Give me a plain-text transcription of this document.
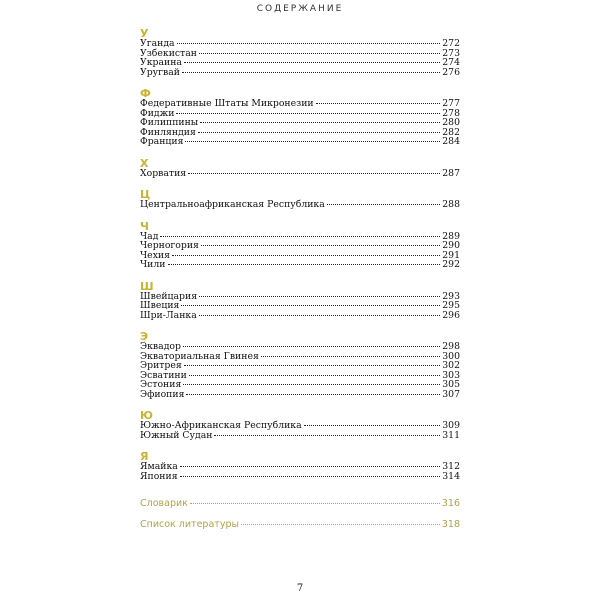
СОДЕРЖАНИЕ
У
Уганда	272
Узбекистан	273
Украина	274
Уругвай	276
Ф
Федеративные Штаты Микронезии	277
Фиджи	278
Филиппины	280
Финляндия	282
Франция	284
Х
Хорватия	287
Ц
Центральноафриканская Республика	288
Ч
Чад	289
Черногория	290
Чехия	291
Чили	292
Ш
Швейцария	293
Швеция	295
Шри-Ланка	296
Э
Эквадор	298
Экваториальная Гвинея	300
Эритрея	302
Эсватини	303
Эстония	305
Эфиопия	307
Ю
Южно-Африканская Республика	309
Южный Судан	311
Я
Ямайка	312
Япония	314
Словарик	316
Список литературы	318
7
